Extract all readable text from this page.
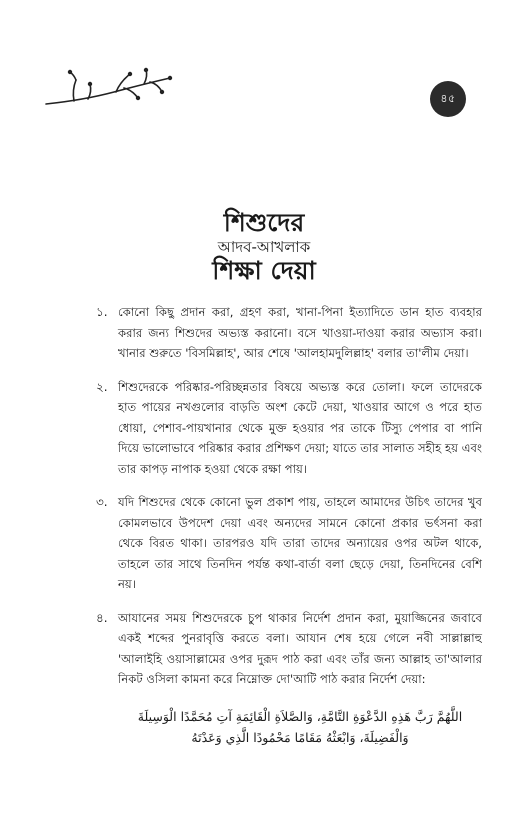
৪৫
শিশুদের
আদব-আখলাক
শিক্ষা দেয়া
১. কোনো কিছু প্রদান করা, গ্রহণ করা, খানা-পিনা ইত্যাদিতে ডান হাত ব্যবহার করার জন্য শিশুদের অভ্যস্ত করানো। বসে খাওয়া-দাওয়া করার অভ্যাস করা। খানার শুরুতে 'বিসমিল্লাহ', আর শেষে 'আলহামদুলিল্লাহ' বলার তা'লীম দেয়া।
২. শিশুদেরকে পরিষ্কার-পরিচ্ছন্নতার বিষয়ে অভ্যস্ত করে তোলা। ফলে তাদেরকে হাত পায়ের নখগুলোর বাড়তি অংশ কেটে দেয়া, খাওয়ার আগে ও পরে হাত ধোয়া, পেশাব-পায়খানার থেকে মুক্ত হওয়ার পর তাকে টিস্যু পেপার বা পানি দিয়ে ভালোভাবে পরিষ্কার করার প্রশিক্ষণ দেয়া; যাতে তার সালাত সহীহ হয় এবং তার কাপড় নাপাক হওয়া থেকে রক্ষা পায়।
৩. যদি শিশুদের থেকে কোনো ভুল প্রকাশ পায়, তাহলে আমাদের উচিৎ তাদের খুব কোমলভাবে উপদেশ দেয়া এবং অন্যদের সামনে কোনো প্রকার ভর্ৎসনা করা থেকে বিরত থাকা। তারপরও যদি তারা তাদের অন্যায়ের ওপর অটল থাকে, তাহলে তার সাথে তিনদিন পর্যন্ত কথা-বার্তা বলা ছেড়ে দেয়া, তিনদিনের বেশি নয়।
৪. আযানের সময় শিশুদেরকে চুপ থাকার নির্দেশ প্রদান করা, মুয়াজ্জিনের জবাবে একই শব্দের পুনরাবৃত্তি করতে বলা। আযান শেষ হয়ে গেলে নবী সাল্লাল্লাহু 'আলাইহি ওয়াসাল্লামের ওপর দুরূদ পাঠ করা এবং তাঁর জন্য আল্লাহ তা'আলার নিকট ওসিলা কামনা করে নিম্নোক্ত দো'আটি পাঠ করার নির্দেশ দেয়া:
اللَّهُمَّ رَبَّ هَذِهِ الدَّعْوَةِ التَّامَّةِ، وَالصَّلاَةِ الْقَائِمَةِ آتِ مُحَمَّدًا الْوَسِيلَةَ
وَالْفَضِيلَةَ، وَابْعَثْهُ مَقَامًا مَحْمُودًا الَّذِي وَعَدْتَهُ
